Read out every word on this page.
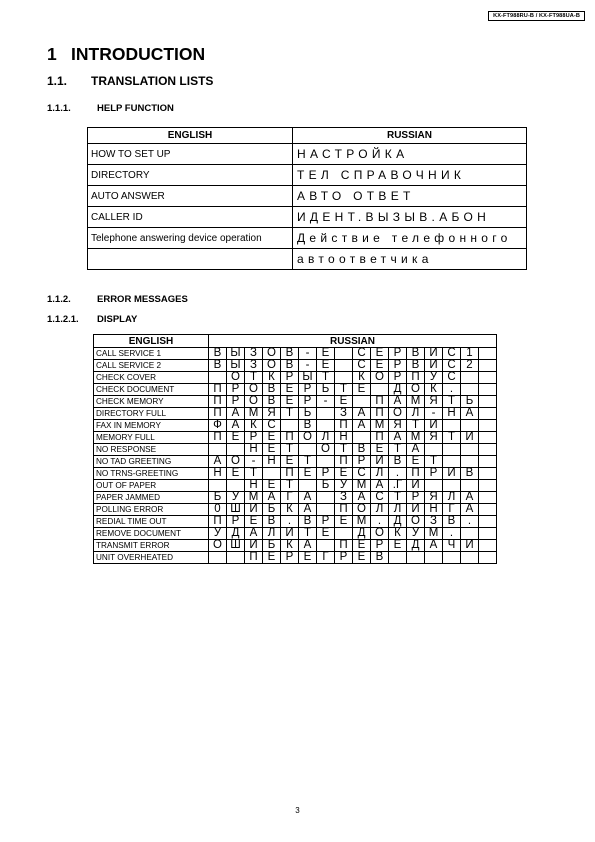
KX-FT988RU-B / KX-FT988UA-B
1 INTRODUCTION
1.1. TRANSLATION LISTS
1.1.1.	HELP FUNCTION
ENGLISH	RUSSIAN
HOW TO SET UP	НАСТРОЙКА
DIRECTORY	ТЕЛ СПРАВОЧНИК
AUTO ANSWER	АВТО ОТВЕТ
CALLER ID	ИДЕНТ.ВЫЗЫВ.АБОН
Telephone answering device operation	Действие телефонного
	автоответчика
1.1.2.	ERROR MESSAGES
1.1.2.1. DISPLAY
ENGLISH	RUSSIAN															
CALL SERVICE 1	В	Ы	З	О	В	-	Е		С	Е	Р	В	И	С	1	
CALL SERVICE 2	В	Ы	З	О	В	-	Е		С	Е	Р	В	И	С	2	
CHECK COVER		О	Т	К	Р	Ы	Т		К	О	Р	П	У	С		
CHECK DOCUMENT	П	Р	О	В	Е	Р	Ь	Т	Е		Д	О	К	.		
CHECK MEMORY	П	Р	О	В	Е	Р	-	Е		П	А	М	Я	Т	Ь	
DIRECTORY FULL	П	А	М	Я	Т	Ь		З	А	П	О	Л	-	Н	А	
FAX IN MEMORY	Ф	А	К	С		В		П	А	М	Я	Т	И			
MEMORY FULL	П	Е	Р	Е	П	О	Л	Н		П	А	М	Я	Т	И	
NO RESPONSE			Н	Е	Т		О	Т	В	Е	Т	А				
NO TAD GREETING	А	О	-	Н	Е	Т		П	Р	И	В	Е	Т			
NO TRNS-GREETING	Н	Е	Т		П	Е	Р	Е	С	Л	.	П	Р	И	В	
OUT OF PAPER			Н	Е	Т		Б	У	М	А	.Г	И				
PAPER JAMMED	Б	У	М	А	Г	А		З	А	С	Т	Р	Я	Л	А	
POLLING ERROR	0	Ш	И	Б	К	А		П	О	Л	Л	И	Н	Г	А	
REDIAL TIME OUT	П	Р	Е	В	.	В	Р	Е	М	.	Д	О	З	В	.	
REMOVE DOCUMENT	У	Д	А	Л	И	Т	Е		Д	О	К	У	М	.		
TRANSMIT ERROR	О	Ш	И	Б	К	А		П	Е	Р	Е	Д	А	Ч	И	
UNIT OVERHEATED			П	Е	Р	Е	Г	Р	Е	В						
3
